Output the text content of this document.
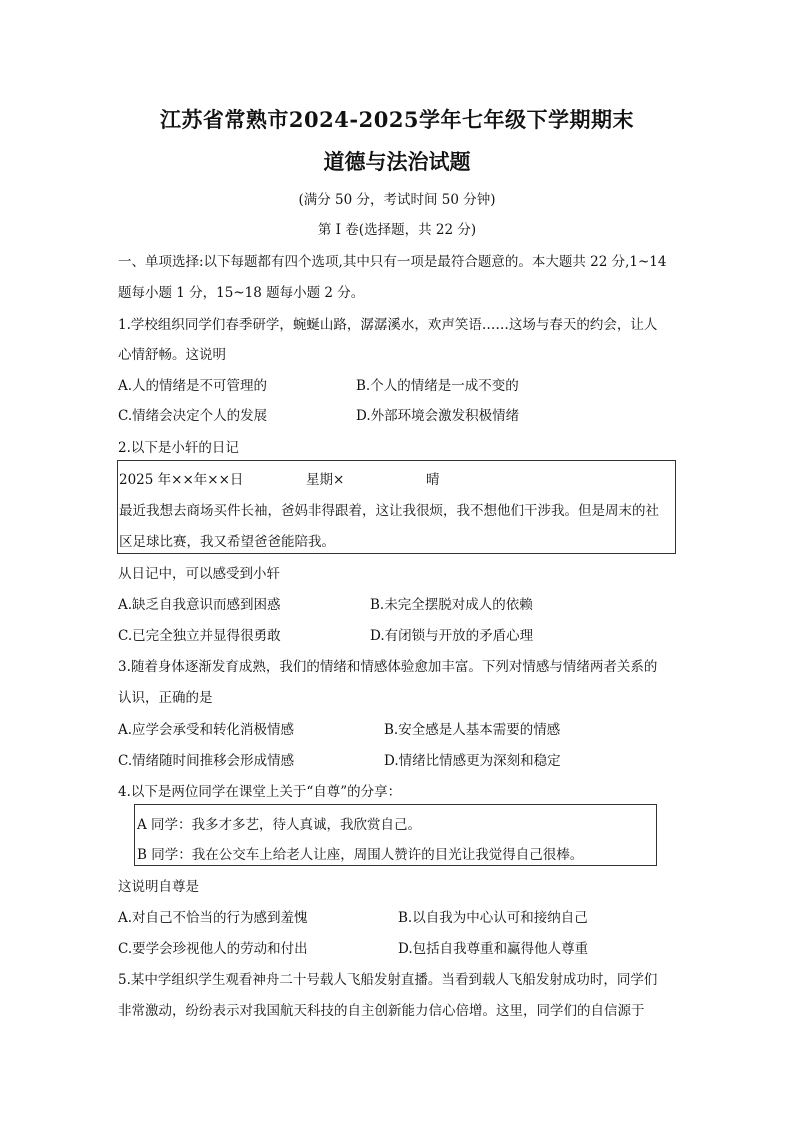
江苏省常熟市2024-2025学年七年级下学期期末
道德与法治试题
(满分 50 分，考试时间 50 分钟)
第 I 卷(选择题，共 22 分)
一、单项选择:以下每题都有四个选项,其中只有一项是最符合题意的。本大题共 22 分,1~14
题每小题 1 分，15~18 题每小题 2 分。
1.学校组织同学们春季研学，蜿蜒山路，潺潺溪水，欢声笑语……这场与春天的约会，让人
心情舒畅。这说明
A.人的情绪是不可管理的	B.个人的情绪是一成不变的
C.情绪会决定个人的发展	D.外部环境会激发积极情绪
2.以下是小轩的日记
2025 年××年××日	星期×	晴
最近我想去商场买件长袖，爸妈非得跟着，这让我很烦，我不想他们干涉我。但是周末的社
区足球比赛，我又希望爸爸能陪我。
从日记中，可以感受到小轩
A.缺乏自我意识而感到困惑	B.未完全摆脱对成人的依赖
C.已完全独立并显得很勇敢	D.有闭锁与开放的矛盾心理
3.随着身体逐渐发育成熟，我们的情绪和情感体验愈加丰富。下列对情感与情绪两者关系的
认识，正确的是
A.应学会承受和转化消极情感	B.安全感是人基本需要的情感
C.情绪随时间推移会形成情感	D.情绪比情感更为深刻和稳定
4.以下是两位同学在课堂上关于“自尊”的分享：
A 同学：我多才多艺，待人真诚，我欣赏自己。
B 同学：我在公交车上给老人让座，周围人赞许的目光让我觉得自己很棒。
这说明自尊是
A.对自己不恰当的行为感到羞愧	B.以自我为中心认可和接纳自己
C.要学会珍视他人的劳动和付出	D.包括自我尊重和赢得他人尊重
5.某中学组织学生观看神舟二十号载人飞船发射直播。当看到载人飞船发射成功时，同学们
非常激动，纷纷表示对我国航天科技的自主创新能力信心倍增。这里，同学们的自信源于
